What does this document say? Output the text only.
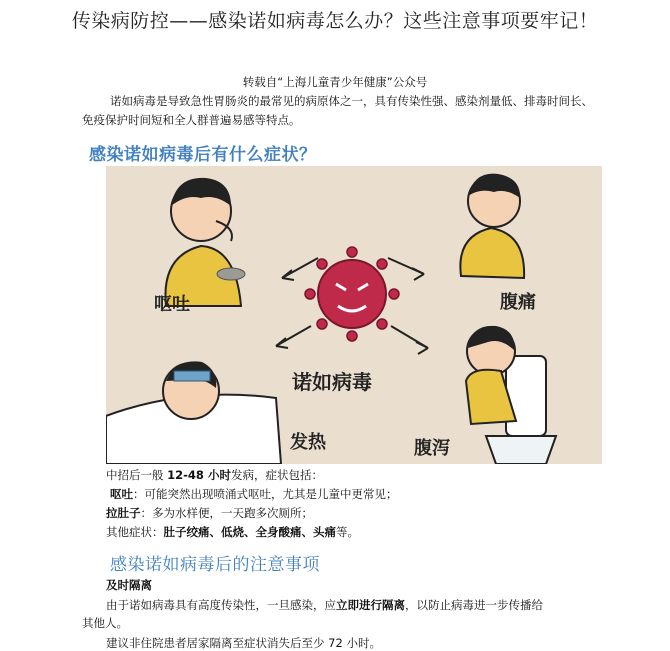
传染病防控——感染诺如病毒怎么办？这些注意事项要牢记！
转载自“上海儿童青少年健康”公众号
诺如病毒是导致急性胃肠炎的最常见的病原体之一，具有传染性强、感染剂量低、排毒时间长、免疫保护时间短和全人群普遍易感等特点。
感染诺如病毒后有什么症状？
诺如病毒
呕吐	腹痛
发热	腹泻
中招后一般 12-48 小时发病，症状包括：
呕吐：可能突然出现喷涌式呕吐，尤其是儿童中更常见；
拉肚子：多为水样便，一天跑多次厕所；
其他症状：肚子绞痛、低烧、全身酸痛、头痛等。
感染诺如病毒后的注意事项
及时隔离
由于诺如病毒具有高度传染性，一旦感染，应立即进行隔离，以防止病毒进一步传播给
其他人。
建议非住院患者居家隔离至症状消失后至少 72 小时。
